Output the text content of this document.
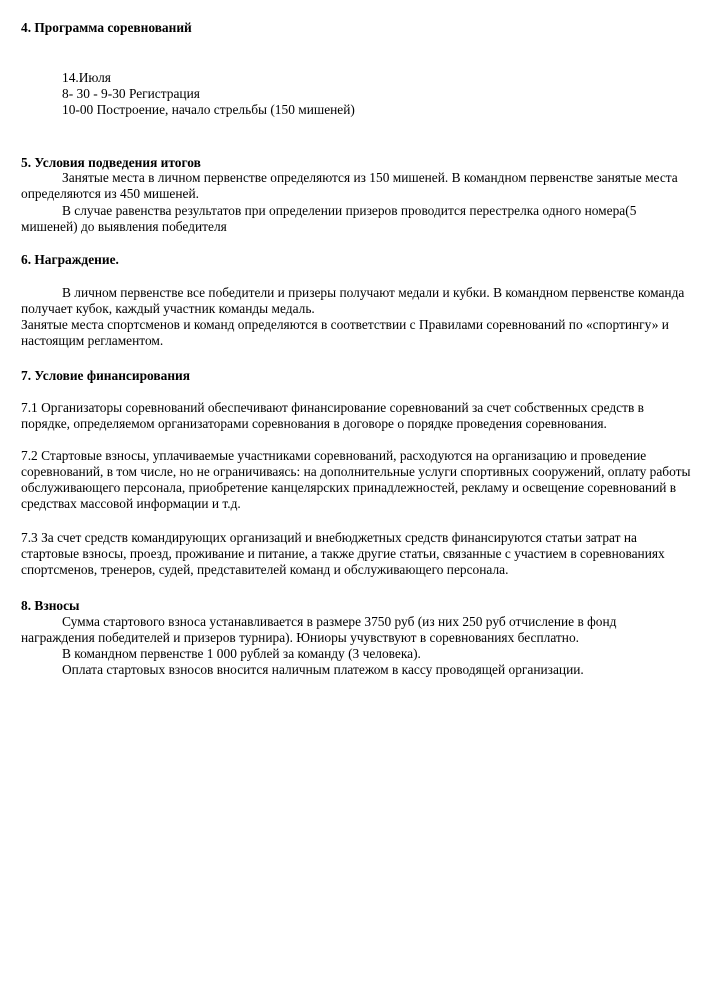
4. Программа соревнований
14.Июля
8- 30 - 9-30 Регистрация
10-00 Построение, начало стрельбы (150 мишеней)
5. Условия подведения итогов

Занятые места в личном первенстве определяются из 150 мишеней. В командном первенстве занятые места определяются из 450 мишеней.

В случае равенства результатов при определении призеров проводится перестрелка одного номера(5 мишеней) до выявления победителя

6. Награждение.

В личном первенстве все победители и призеры получают медали и кубки. В командном первенстве команда получает кубок, каждый участник команды медаль.

Занятые места спортсменов и команд определяются в соответствии с Правилами соревнований по «спортингу» и настоящим регламентом.

7. Условие финансирования

7.1 Организаторы соревнований обеспечивают финансирование соревнований за счет собственных средств в порядке, определяемом организаторами соревнования в договоре о порядке проведения соревнования.

7.2 Стартовые взносы, уплачиваемые участниками соревнований, расходуются на организацию и проведение соревнований, в том числе, но не ограничиваясь: на дополнительные услуги спортивных сооружений, оплату работы обслуживающего персонала, приобретение канцелярских принадлежностей, рекламу и освещение соревнований в средствах массовой информации и т.д.

7.3 За счет средств командирующих организаций и внебюджетных средств финансируются статьи затрат на стартовые взносы, проезд, проживание и питание, а также другие статьи, связанные с участием в соревнованиях спортсменов, тренеров, судей, представителей команд и обслуживающего персонала.

8. Взносы

Сумма стартового взноса устанавливается в размере 3750 руб (из них 250 руб отчисление в фонд награждения победителей и призеров турнира). Юниоры учувствуют в соревнованиях бесплатно.

В командном первенстве 1 000 рублей за команду (3 человека).

Оплата стартовых взносов вносится наличным платежом в кассу проводящей организации.
